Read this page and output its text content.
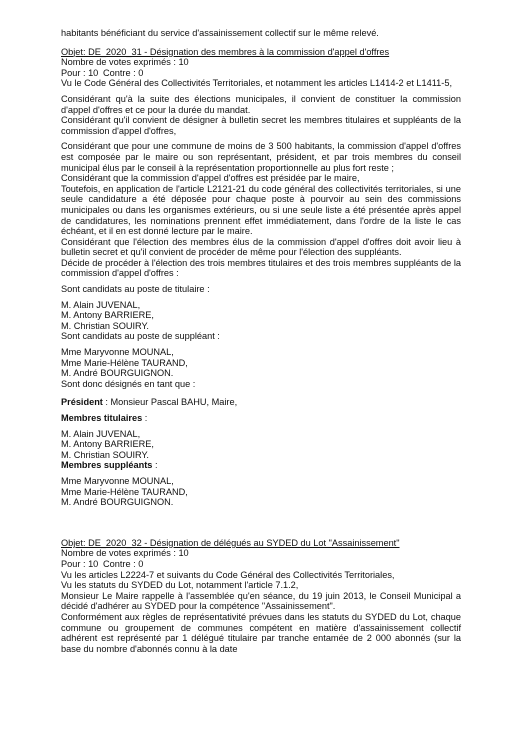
habitants bénéficiant du service d'assainissement collectif sur le même relevé.

Objet: DE_2020_31 - Désignation des membres à la commission d'appel d'offres

Nombre de votes exprimés : 10

Pour : 10 Contre : 0

Vu le Code Général des Collectivités Territoriales, et notamment les articles L1414-2 et L1411-5,

Considérant qu'à la suite des élections municipales, il convient de constituer la commission d'appel d'offres et ce pour la durée du mandat.

Considérant qu'il convient de désigner à bulletin secret les membres titulaires et suppléants de la commission d'appel d'offres,

Considérant que pour une commune de moins de 3 500 habitants, la commission d'appel d'offres est composée par le maire ou son représentant, président, et par trois membres du conseil municipal élus par le conseil à la représentation proportionnelle au plus fort reste ;

Considérant que la commission d'appel d'offres est présidée par le maire,

Toutefois, en application de l'article L2121-21 du code général des collectivités territoriales, si une seule candidature a été déposée pour chaque poste à pourvoir au sein des commissions municipales ou dans les organismes extérieurs, ou si une seule liste a été présentée après appel de candidatures, les nominations prennent effet immédiatement, dans l'ordre de la liste le cas échéant, et il en est donné lecture par le maire.

Considérant que l'élection des membres élus de la commission d'appel d'offres doit avoir lieu à bulletin secret et qu'il convient de procéder de même pour l'élection des suppléants.

Décide de procéder à l'élection des trois membres titulaires et des trois membres suppléants de la commission d'appel d'offres :

Sont candidats au poste de titulaire :

M. Alain JUVENAL,

M. Antony BARRIERE,

M. Christian SOUIRY.

Sont candidats au poste de suppléant :

Mme Maryvonne MOUNAL,

Mme Marie-Hélène TAURAND,

M. André BOURGUIGNON.

Sont donc désignés en tant que :

Président : Monsieur Pascal BAHU, Maire,

Membres titulaires :

M. Alain JUVENAL,

M. Antony BARRIERE,

M. Christian SOUIRY.

Membres suppléants :

Mme Maryvonne MOUNAL,

Mme Marie-Hélène TAURAND,

M. André BOURGUIGNON.

Objet: DE_2020_32 - Désignation de délégués au SYDED du Lot "Assainissement"

Nombre de votes exprimés : 10

Pour : 10 Contre : 0

Vu les articles L2224-7 et suivants du Code Général des Collectivités Territoriales,

Vu les statuts du SYDED du Lot, notamment l'article 7.1.2,

Monsieur Le Maire rappelle à l'assemblée qu'en séance, du 19 juin 2013, le Conseil Municipal a décidé d'adhérer au SYDED pour la compétence "Assainissement".

Conformément aux règles de représentativité prévues dans les statuts du SYDED du Lot, chaque commune ou groupement de communes compétent en matière d'assainissement collectif adhérent est représenté par 1 délégué titulaire par tranche entamée de 2 000 abonnés (sur la base du nombre d'abonnés connu à la date
